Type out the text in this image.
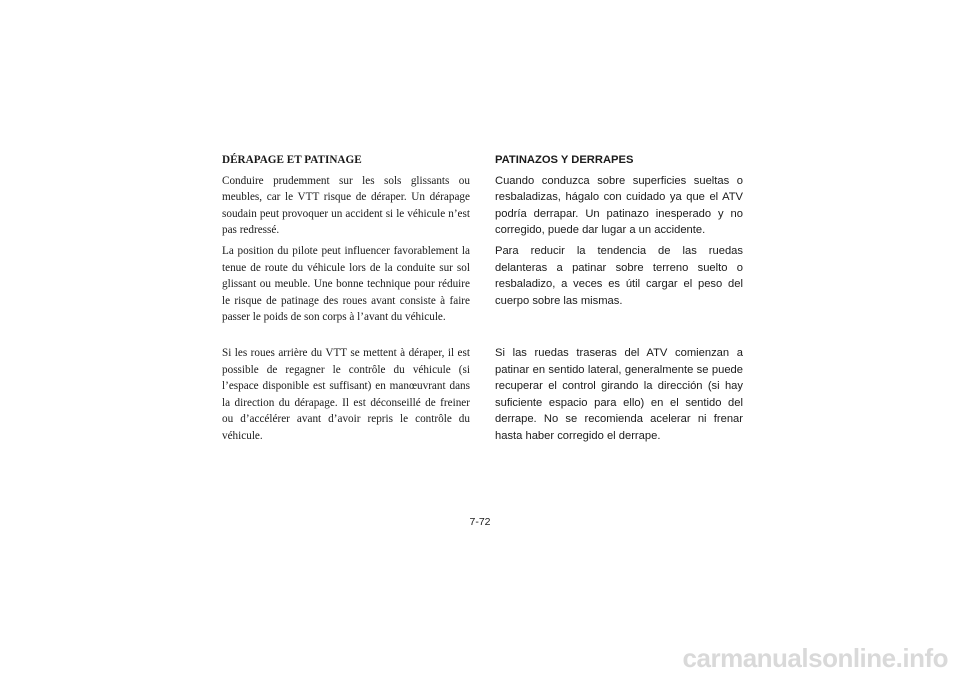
DÉRAPAGE ET PATINAGE

Conduire prudemment sur les sols glissants ou meubles, car le VTT risque de déraper. Un dérapage soudain peut provoquer un accident si le véhicule n’est pas redressé.

La position du pilote peut influencer favorablement la tenue de route du véhicule lors de la conduite sur sol glissant ou meuble. Une bonne technique pour réduire le risque de patinage des roues avant consiste à faire passer le poids de son corps à l’avant du véhicule.

PATINAZOS Y DERRAPES

Cuando conduzca sobre superficies sueltas o resbaladizas, hágalo con cuidado ya que el ATV podría derrapar. Un patinazo inesperado y no corregido, puede dar lugar a un accidente.

Para reducir la tendencia de las ruedas delanteras a patinar sobre terreno suelto o resbaladizo, a veces es útil cargar el peso del cuerpo sobre las mismas.

Si les roues arrière du VTT se mettent à déraper, il est possible de regagner le contrôle du véhicule (si l’espace disponible est suffisant) en manœuvrant dans la direction du dérapage. Il est déconseillé de freiner ou d’accélérer avant d’avoir repris le contrôle du véhicule.

Si las ruedas traseras del ATV comienzan a patinar en sentido lateral, generalmente se puede recuperar el control girando la dirección (si hay suficiente espacio para ello) en el sentido del derrape. No se recomienda acelerar ni frenar hasta haber corregido el derrape.

7-72
carmanualsonline.info
